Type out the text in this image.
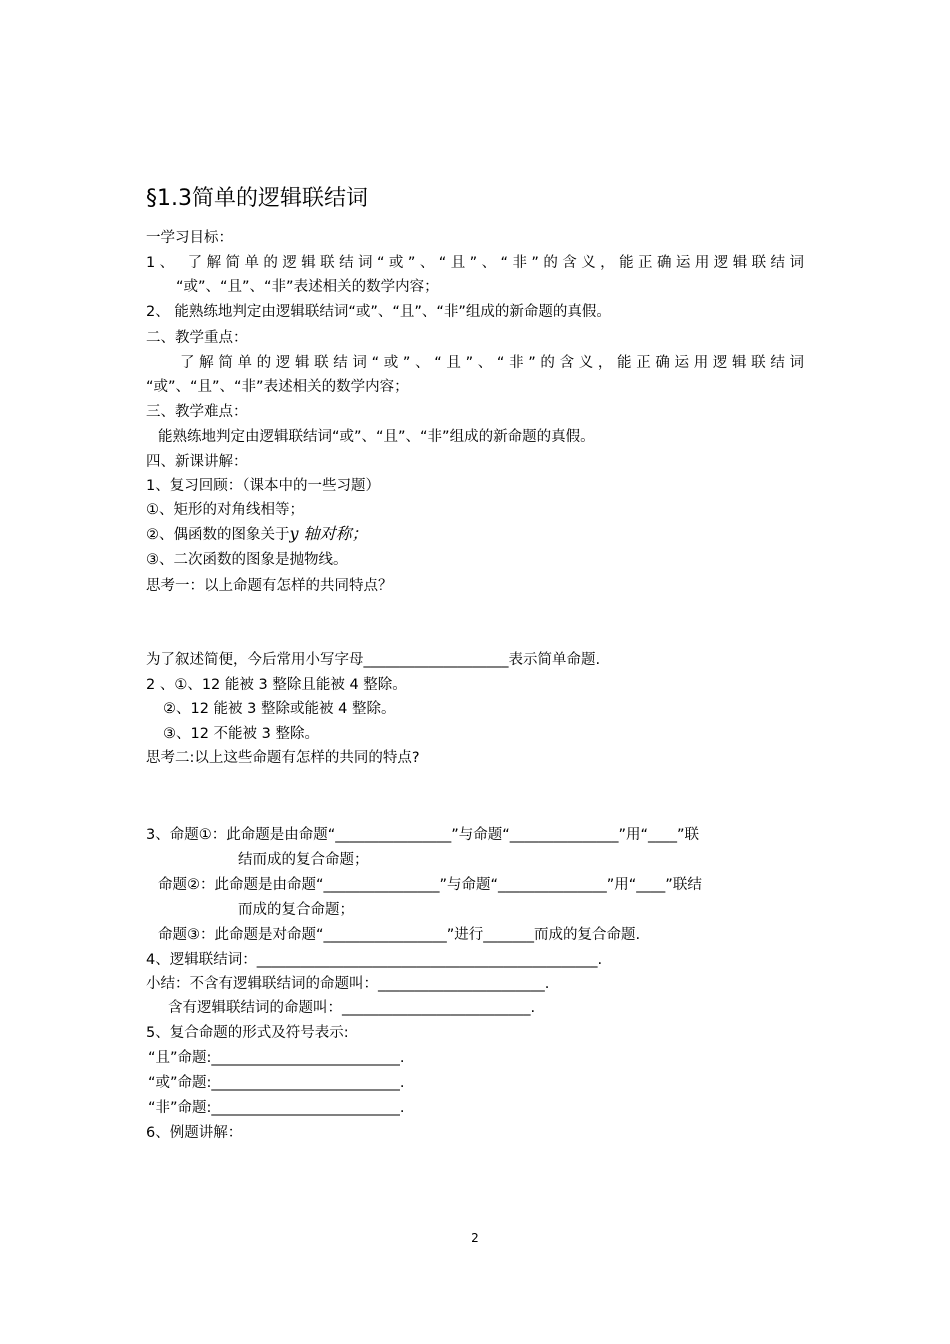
§1.3简单的逻辑联结词
一学习目标：
1、 了解简单的逻辑联结词“或”、“且”、“非”的含义，能正确运用逻辑联结词
“或”、“且”、“非”表述相关的数学内容；
2、 能熟练地判定由逻辑联结词“或”、“且”、“非”组成的新命题的真假。
二、教学重点：
了解简单的逻辑联结词“或”、“且”、“非”的含义，能正确运用逻辑联结词
“或”、“且”、“非”表述相关的数学内容；
三、教学难点：
能熟练地判定由逻辑联结词“或”、“且”、“非”组成的新命题的真假。
四、新课讲解：
1、复习回顾：（课本中的一些习题）
①、矩形的对角线相等；
②、偶函数的图象关于y 轴对称；
③、二次函数的图象是抛物线。
思考一：以上命题有怎样的共同特点？
为了叙述简便，今后常用小写字母____________________表示简单命题.
2 、①、12 能被 3 整除且能被 4 整除。
②、12 能被 3 整除或能被 4 整除。
③、12 不能被 3 整除。
思考二:以上这些命题有怎样的共同的特点?
3、命题①：此命题是由命题“________________”与命题“_______________”用“____”联
结而成的复合命题；
命题②：此命题是由命题“________________”与命题“_______________”用“____”联结
而成的复合命题；
命题③：此命题是对命题“_________________”进行_______而成的复合命题.
4、逻辑联结词：_______________________________________________.
小结：不含有逻辑联结词的命题叫：_______________________.
含有逻辑联结词的命题叫：__________________________.
5、复合命题的形式及符号表示:
“且”命题:__________________________.
“或”命题:__________________________.
“非”命题:__________________________.
6、例题讲解：
2
